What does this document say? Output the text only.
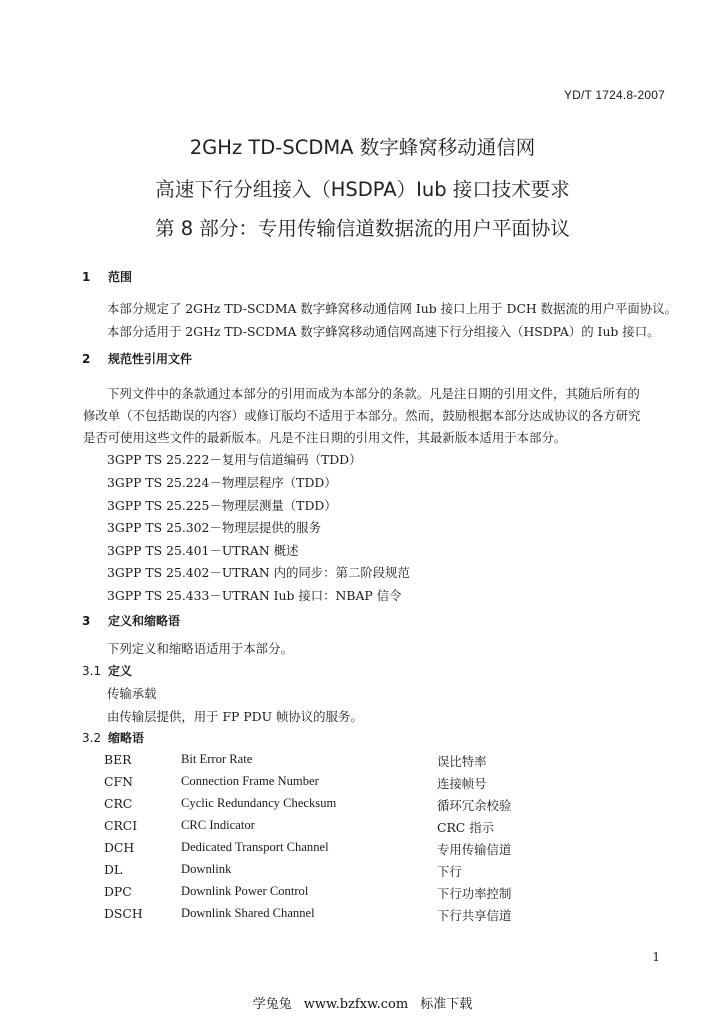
YD/T 1724.8-2007
2GHz TD-SCDMA 数字蜂窝移动通信网
高速下行分组接入（HSDPA）Iub 接口技术要求
第 8 部分：专用传输信道数据流的用户平面协议
1 范围
本部分规定了 2GHz TD-SCDMA 数字蜂窝移动通信网 Iub 接口上用于 DCH 数据流的用户平面协议。
本部分适用于 2GHz TD-SCDMA 数字蜂窝移动通信网高速下行分组接入（HSDPA）的 Iub 接口。
2 规范性引用文件
下列文件中的条款通过本部分的引用而成为本部分的条款。凡是注日期的引用文件，其随后所有的
修改单（不包括勘误的内容）或修订版均不适用于本部分。然而，鼓励根据本部分达成协议的各方研究
是否可使用这些文件的最新版本。凡是不注日期的引用文件，其最新版本适用于本部分。
3GPP TS 25.222－复用与信道编码（TDD）
3GPP TS 25.224－物理层程序（TDD）
3GPP TS 25.225－物理层测量（TDD）
3GPP TS 25.302－物理层提供的服务
3GPP TS 25.401－UTRAN 概述
3GPP TS 25.402－UTRAN 内的同步：第二阶段规范
3GPP TS 25.433－UTRAN Iub 接口：NBAP 信令
3 定义和缩略语
下列定义和缩略语适用于本部分。
3.1 定义
传输承载
由传输层提供，用于 FP PDU 帧协议的服务。
3.2 缩略语
BER	Bit Error Rate	误比特率
CFN	Connection Frame Number	连接帧号
CRC	Cyclic Redundancy Checksum	循环冗余校验
CRCI	CRC Indicator	CRC 指示
DCH	Dedicated Transport Channel	专用传输信道
DL	Downlink	下行
DPC	Downlink Power Control	下行功率控制
DSCH	Downlink Shared Channel	下行共享信道
1
学兔兔 www.bzfxw.com 标准下载
